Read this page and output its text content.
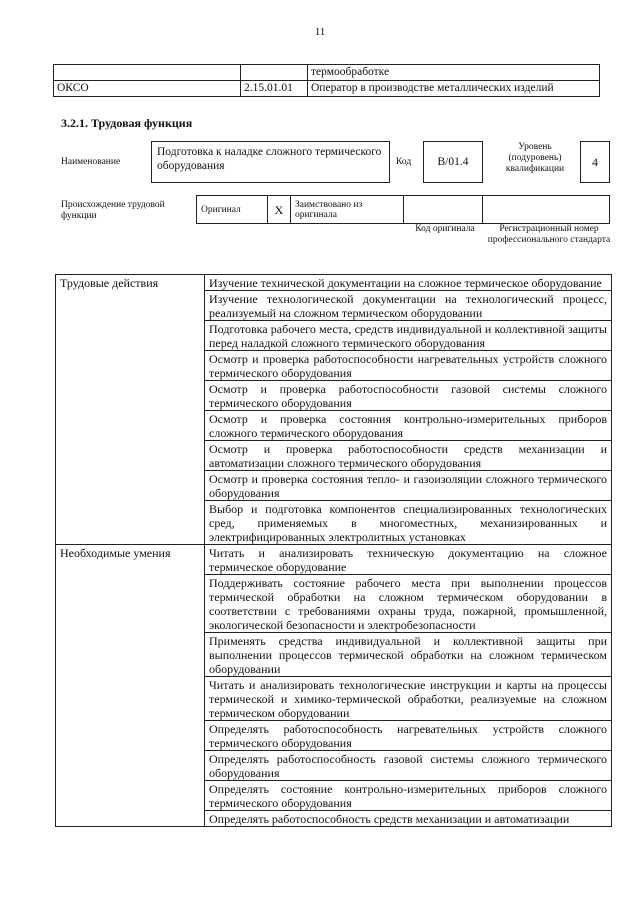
11
		термообработке
ОКСО	2.15.01.01	Оператор в производстве металлических изделий
3.2.1. Трудовая функция
Наименование
Подготовка к наладке сложного термического оборудования	Код	B/01.4
Уровень (подуровень) квалификации	4
Происхождение трудовой функции
Оригинал	X	Заимствовано из оригинала		
Код оригинала	Регистрационный номер профессионального стандарта
Трудовые действия	Изучение технической документации на сложное термическое оборудование
	Изучение технологической документации на технологический процесс, реализуемый на сложном термическом оборудовании
	Подготовка рабочего места, средств индивидуальной и коллективной защиты перед наладкой сложного термического оборудования
	Осмотр и проверка работоспособности нагревательных устройств сложного термического оборудования
	Осмотр и проверка работоспособности газовой системы сложного термического оборудования
	Осмотр и проверка состояния контрольно-измерительных приборов сложного термического оборудования
	Осмотр и проверка работоспособности средств механизации и автоматизации сложного термического оборудования
	Осмотр и проверка состояния тепло- и газоизоляции сложного термического оборудования
	Выбор и подготовка компонентов специализированных технологических сред, применяемых в многоместных, механизированных и электрифицированных электролитных установках
Необходимые умения	Читать и анализировать техническую документацию на сложное термическое оборудование
	Поддерживать состояние рабочего места при выполнении процессов термической обработки на сложном термическом оборудовании в соответствии с требованиями охраны труда, пожарной, промышленной, экологической безопасности и электробезопасности
	Применять средства индивидуальной и коллективной защиты при выполнении процессов термической обработки на сложном термическом оборудовании
	Читать и анализировать технологические инструкции и карты на процессы термической и химико-термической обработки, реализуемые на сложном термическом оборудовании
	Определять работоспособность нагревательных устройств сложного термического оборудования
	Определять работоспособность газовой системы сложного термического оборудования
	Определять состояние контрольно-измерительных приборов сложного термического оборудования
	Определять работоспособность средств механизации и автоматизации
